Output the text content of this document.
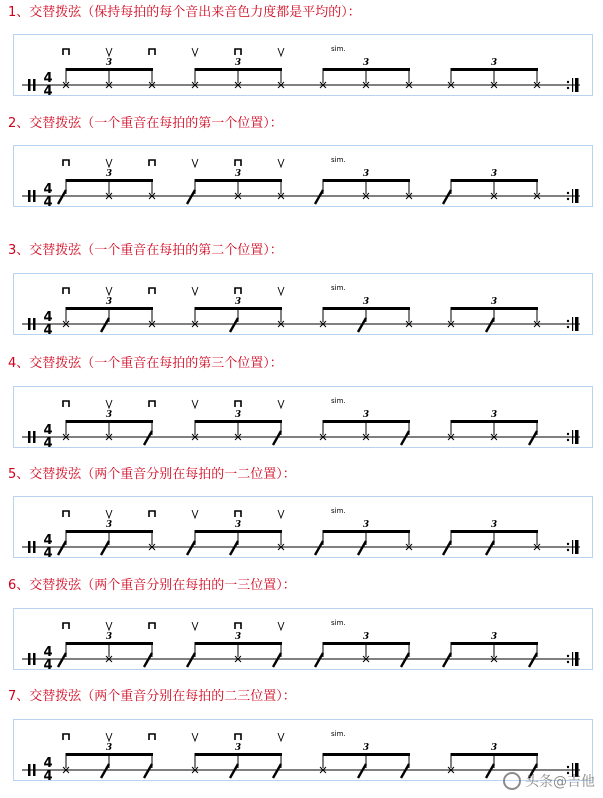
1、交替拨弦（保持每拍的每个音出来音色力度都是平均的）：
4
4
3	3	3
sim.
3
2、交替拨弦（一个重音在每拍的第一个位置）：
4
4
3	3	3
sim.
3
3、交替拨弦（一个重音在每拍的第二个位置）：
4
4
3	3	3
sim.
3
4、交替拨弦（一个重音在每拍的第三个位置）：
4
4
3	3	3
sim.
3
5、交替拨弦（两个重音分别在每拍的一二位置）：
4
4
3	3	3
sim.
3
6、交替拨弦（两个重音分别在每拍的一三位置）：
4
4
3	3	3
sim.
3
7、交替拨弦（两个重音分别在每拍的二三位置）：
4
4
3	3	3
sim.
3
头条@吉他
